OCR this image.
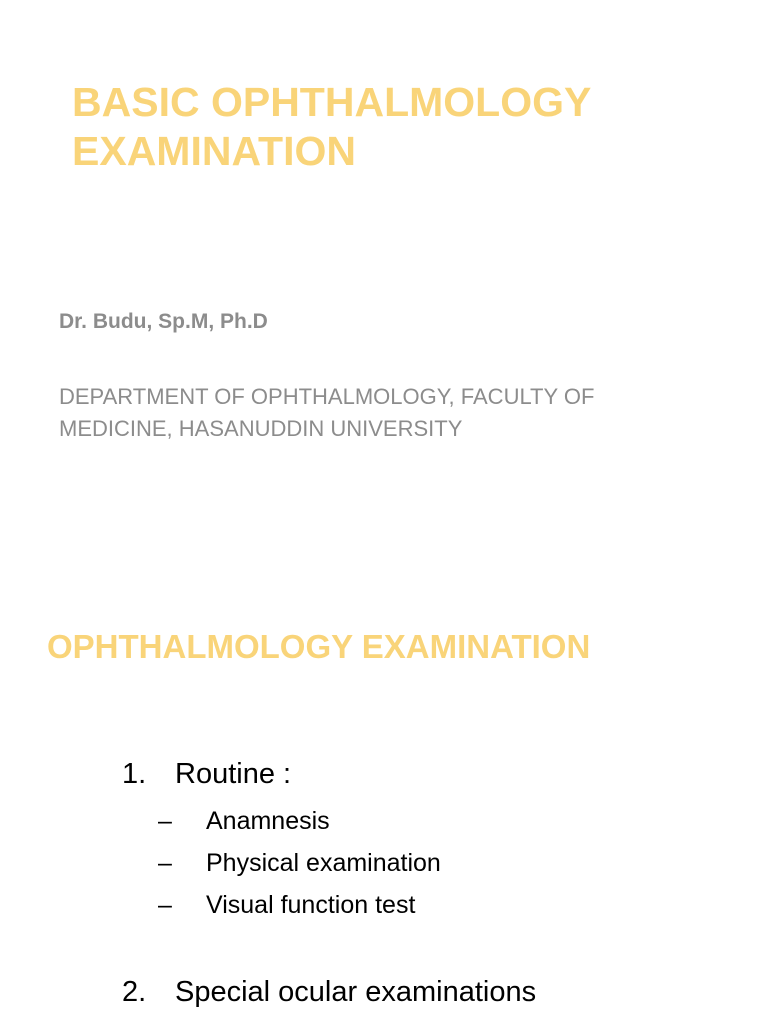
BASIC OPHTHALMOLOGY EXAMINATION

Dr. Budu, Sp.M, Ph.D

DEPARTMENT OF OPHTHALMOLOGY, FACULTY OF MEDICINE, HASANUDDIN UNIVERSITY

OPHTHALMOLOGY EXAMINATION
1. Routine :
– Anamnesis
– Physical examination
– Visual function test
2. Special ocular examinations
